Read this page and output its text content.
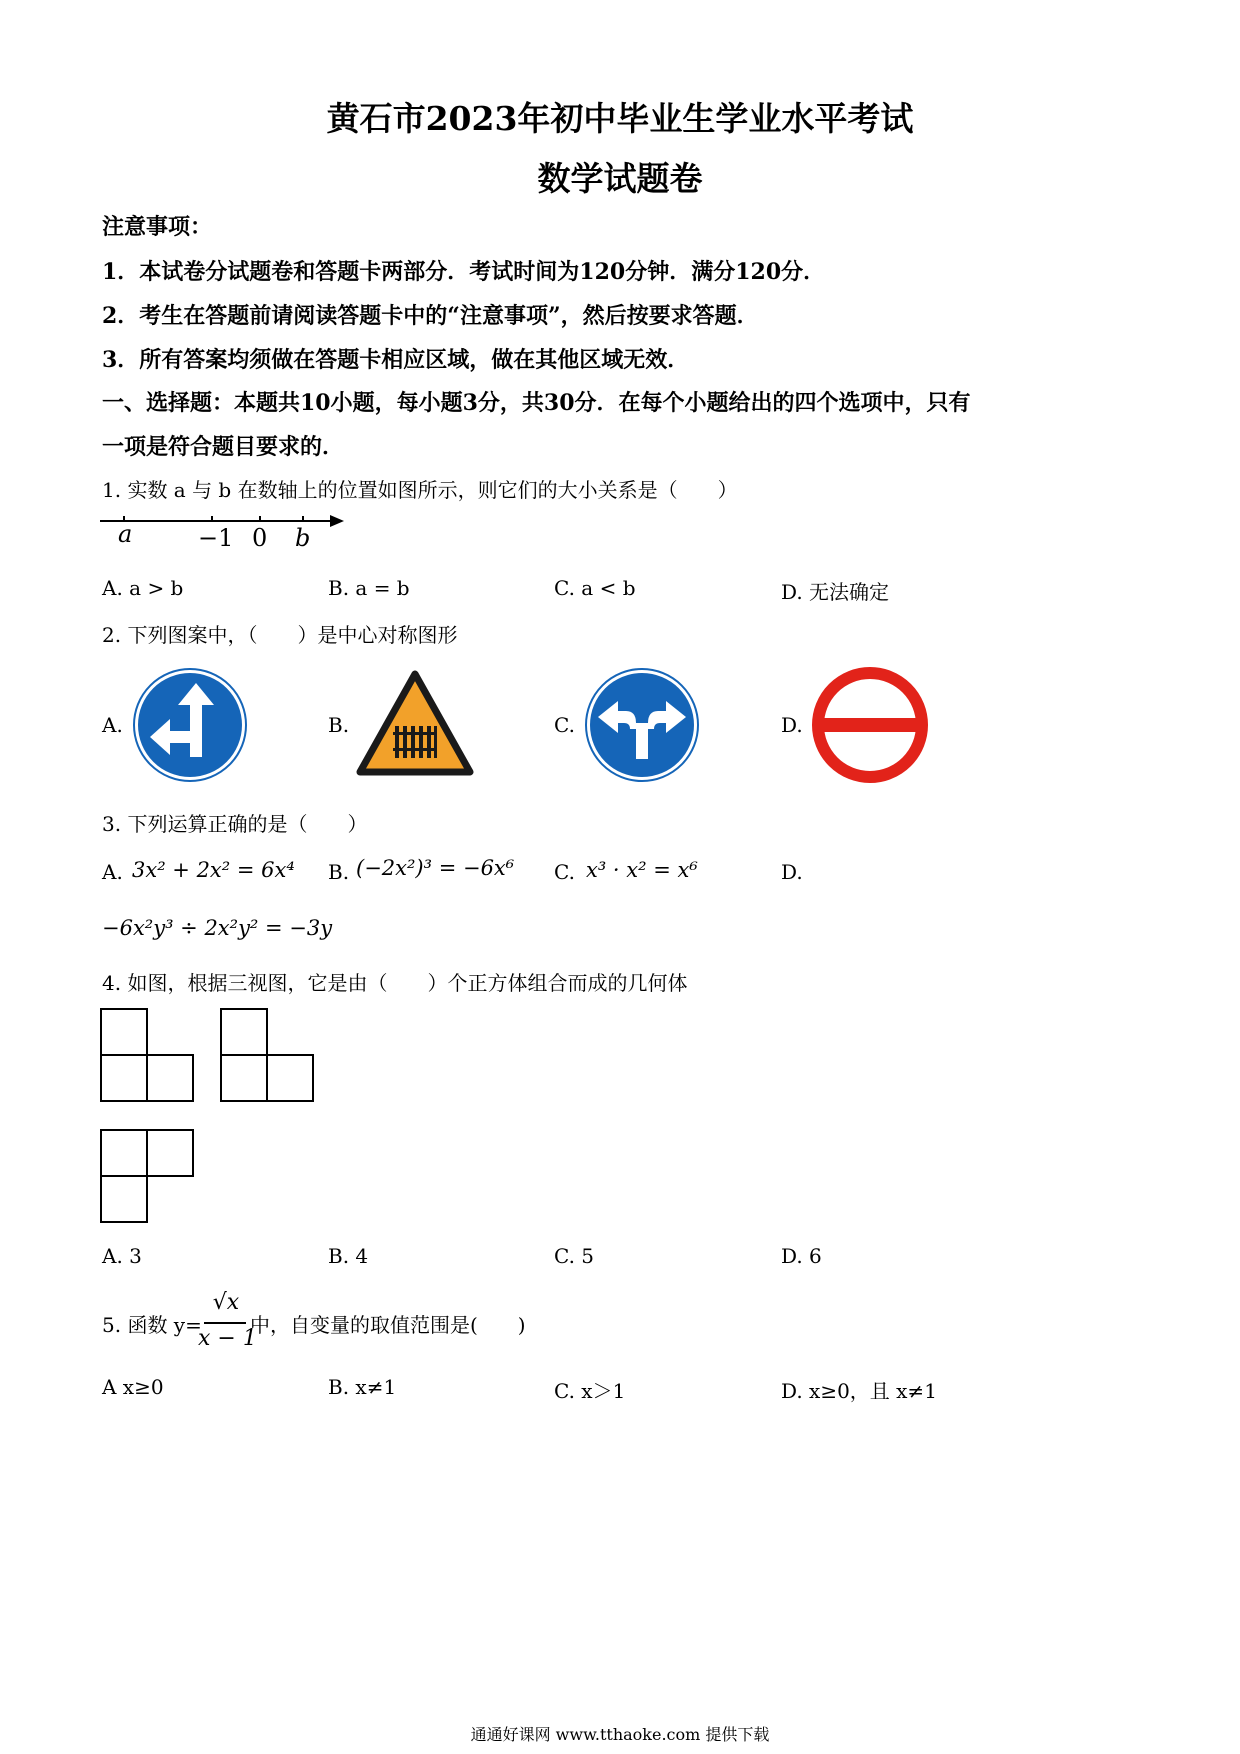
黄石市2023年初中毕业生学业水平考试
数学试题卷
注意事项：
1．本试卷分试题卷和答题卡两部分．考试时间为120分钟．满分120分．
2．考生在答题前请阅读答题卡中的“注意事项”，然后按要求答题．
3．所有答案均须做在答题卡相应区域，做在其他区域无效．
一、选择题：本题共10小题，每小题3分，共30分．在每个小题给出的四个选项中，只有
一项是符合题目要求的．
1. 实数 a 与 b 在数轴上的位置如图所示，则它们的大小关系是（　　）
a	−1 0 b
A. a > b	B. a = b	C. a < b	D. 无法确定
2. 下列图案中，（　　）是中心对称图形
A.	B.	C.	D.
3. 下列运算正确的是（　　）
A. 3x² + 2x² = 6x⁴ B. (−2x²)³ = −6x⁶ C. x³ · x² = x⁶	D.
−6x²y³ ÷ 2x²y² = −3y
4. 如图，根据三视图，它是由（　　）个正方体组合而成的几何体
A. 3	B. 4	C. 5	D. 6
5. 函数 y=
√x
x − 1
中，自变量的取值范围是(　　)
A x≥0	B. x≠1	C. x＞1	D. x≥0，且 x≠1
通通好课网 www.tthaoke.com 提供下载
